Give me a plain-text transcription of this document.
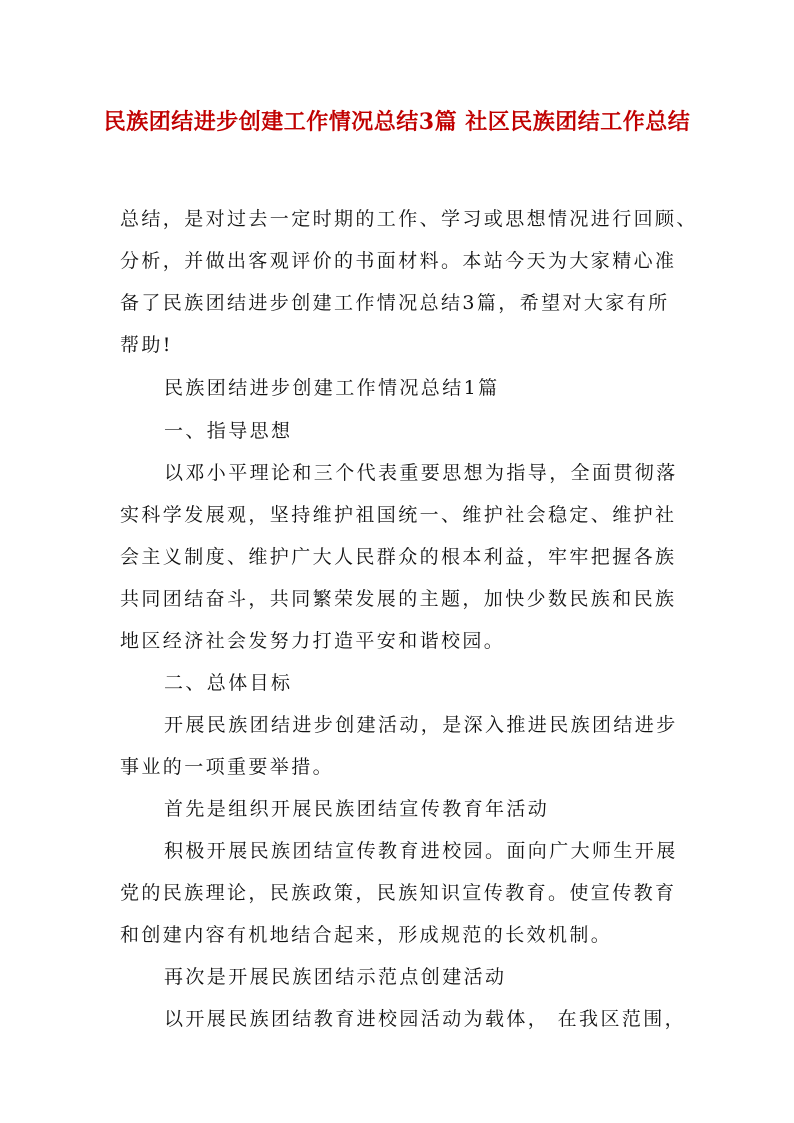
民族团结进步创建工作情况总结3篇 社区民族团结工作总结
总结，是对过去一定时期的工作、学习或思想情况进行回顾、
分析，并做出客观评价的书面材料。本站今天为大家精心准
备了民族团结进步创建工作情况总结3篇，希望对大家有所
帮助!
民族团结进步创建工作情况总结1篇
一、指导思想
以邓小平理论和三个代表重要思想为指导，全面贯彻落
实科学发展观，坚持维护祖国统一、维护社会稳定、维护社
会主义制度、维护广大人民群众的根本利益，牢牢把握各族
共同团结奋斗，共同繁荣发展的主题，加快少数民族和民族
地区经济社会发努力打造平安和谐校园。
二、总体目标
开展民族团结进步创建活动，是深入推进民族团结进步
事业的一项重要举措。
首先是组织开展民族团结宣传教育年活动
积极开展民族团结宣传教育进校园。面向广大师生开展
党的民族理论，民族政策，民族知识宣传教育。使宣传教育
和创建内容有机地结合起来，形成规范的长效机制。
再次是开展民族团结示范点创建活动
以开展民族团结教育进校园活动为载体， 在我区范围，
